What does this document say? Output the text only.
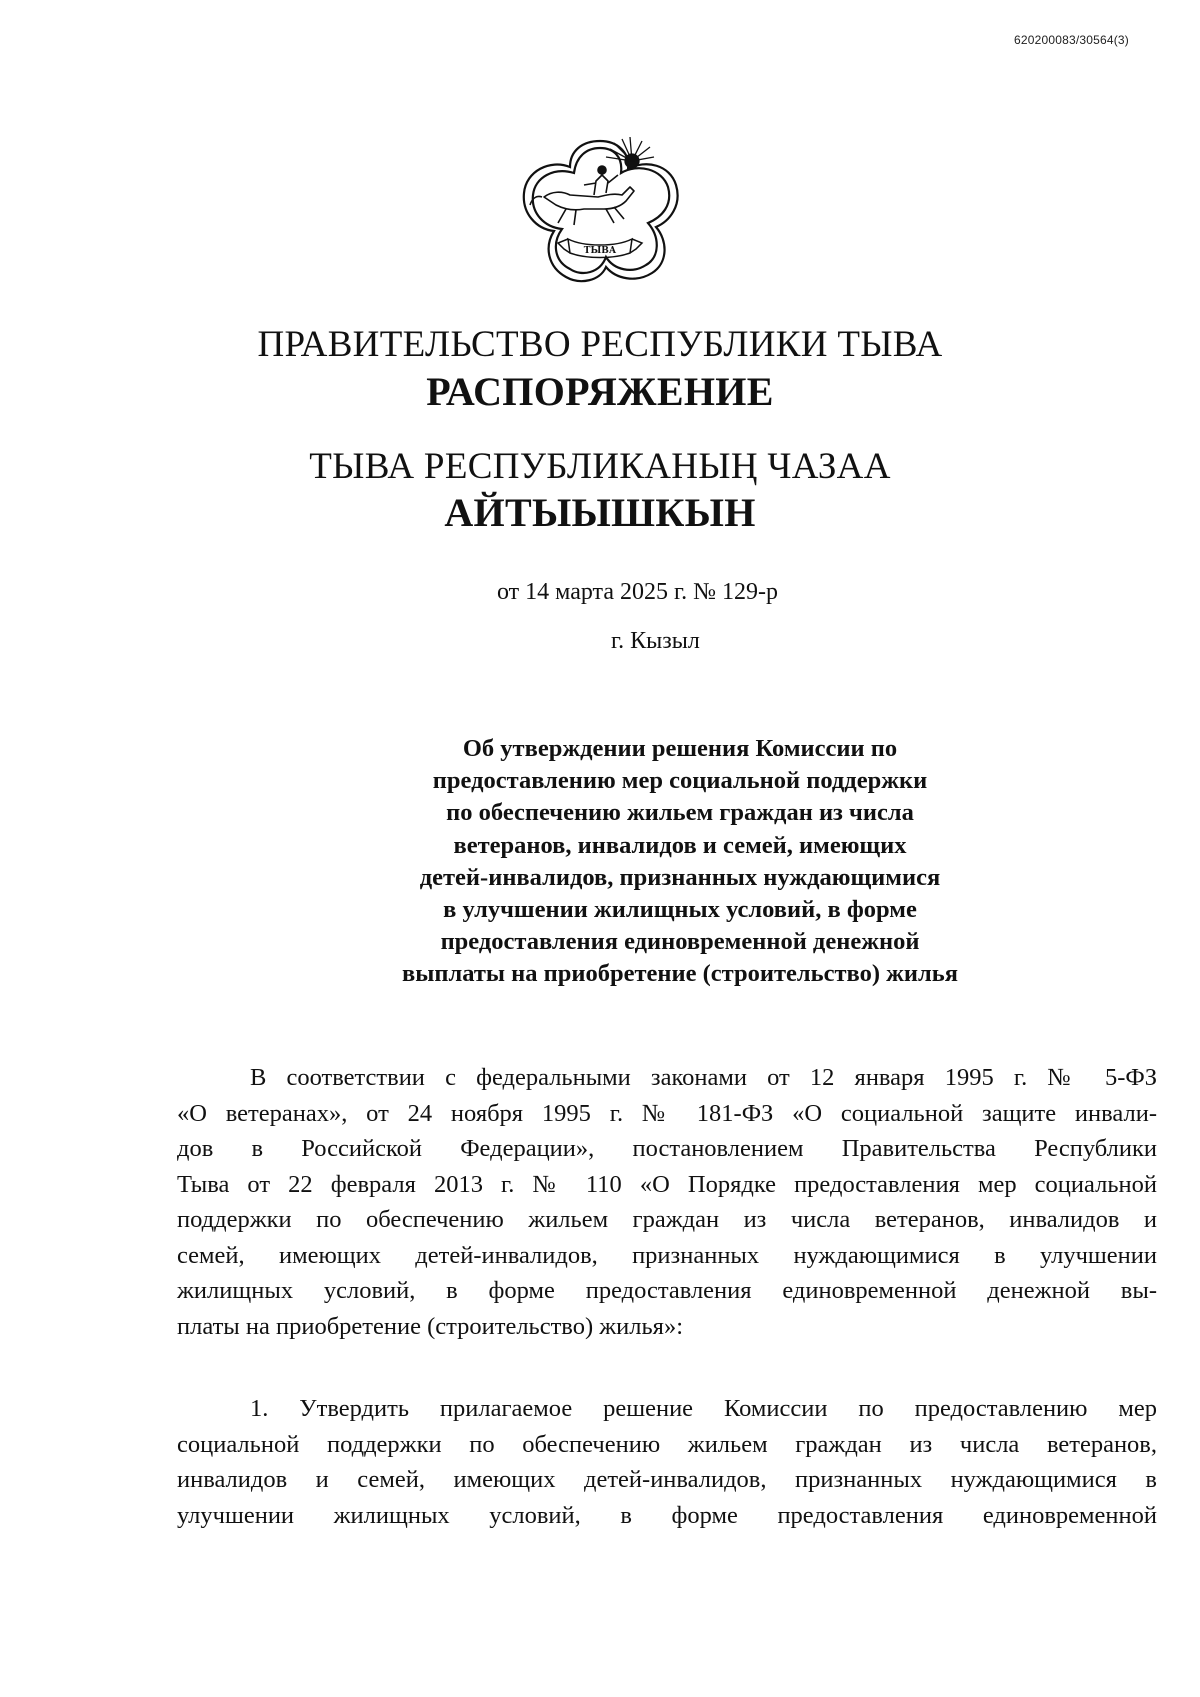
620200083/30564(3)
ТЫВА
ПРАВИТЕЛЬСТВО РЕСПУБЛИКИ ТЫВА
РАСПОРЯЖЕНИЕ
ТЫВА РЕСПУБЛИКАНЫҢ ЧАЗАА
АЙТЫЫШКЫН
от 14 марта 2025 г. № 129-р
г. Кызыл
Об утверждении решения Комиссии по
предоставлению мер социальной поддержки
по обеспечению жильем граждан из числа
ветеранов, инвалидов и семей, имеющих
детей-инвалидов, признанных нуждающимися
в улучшении жилищных условий, в форме
предоставления единовременной денежной
выплаты на приобретение (строительство) жилья
В соответствии с федеральными законами от 12 января 1995 г. № 5-ФЗ
«О ветеранах», от 24 ноября 1995 г. № 181-ФЗ «О социальной защите инвали-
дов в Российской Федерации», постановлением Правительства Республики
Тыва от 22 февраля 2013 г. № 110 «О Порядке предоставления мер социальной
поддержки по обеспечению жильем граждан из числа ветеранов, инвалидов и
семей, имеющих детей-инвалидов, признанных нуждающимися в улучшении
жилищных условий, в форме предоставления единовременной денежной вы-
платы на приобретение (строительство) жилья»:
1. Утвердить прилагаемое решение Комиссии по предоставлению мер
социальной поддержки по обеспечению жильем граждан из числа ветеранов,
инвалидов и семей, имеющих детей-инвалидов, признанных нуждающимися в
улучшении жилищных условий, в форме предоставления единовременной
